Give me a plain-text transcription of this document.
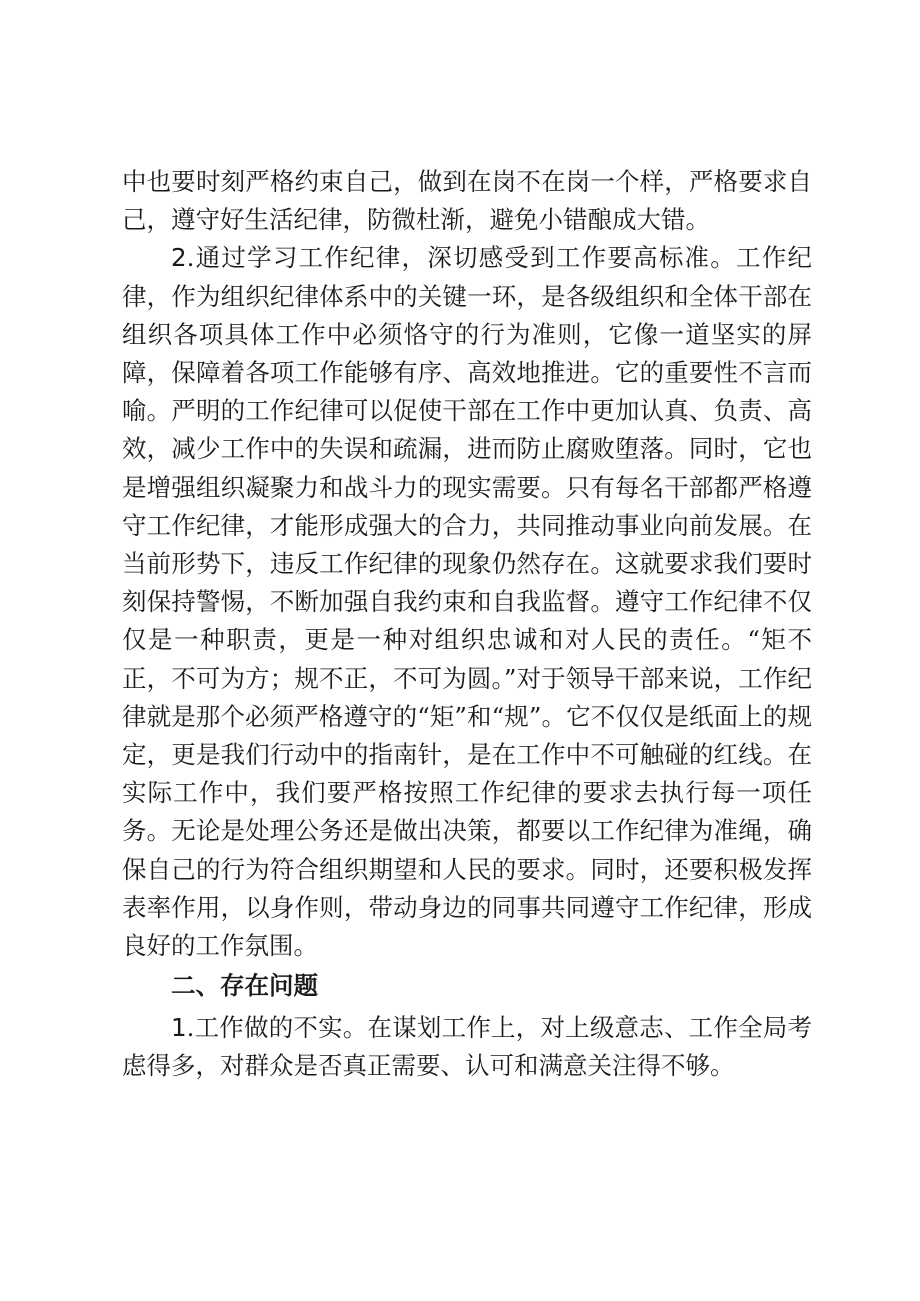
中也要时刻严格约束自己，做到在岗不在岗一个样，严格要求自己，遵守好生活纪律，防微杜渐，避免小错酿成大错。

2.通过学习工作纪律，深切感受到工作要高标准。工作纪律，作为组织纪律体系中的关键一环，是各级组织和全体干部在组织各项具体工作中必须恪守的行为准则，它像一道坚实的屏障，保障着各项工作能够有序、高效地推进。它的重要性不言而喻。严明的工作纪律可以促使干部在工作中更加认真、负责、高效，减少工作中的失误和疏漏，进而防止腐败堕落。同时，它也是增强组织凝聚力和战斗力的现实需要。只有每名干部都严格遵守工作纪律，才能形成强大的合力，共同推动事业向前发展。在当前形势下，违反工作纪律的现象仍然存在。这就要求我们要时刻保持警惕，不断加强自我约束和自我监督。遵守工作纪律不仅仅是一种职责，更是一种对组织忠诚和对人民的责任。“矩不正，不可为方；规不正，不可为圆。”对于领导干部来说，工作纪律就是那个必须严格遵守的“矩”和“规”。它不仅仅是纸面上的规定，更是我们行动中的指南针，是在工作中不可触碰的红线。在实际工作中，我们要严格按照工作纪律的要求去执行每一项任务。无论是处理公务还是做出决策，都要以工作纪律为准绳，确保自己的行为符合组织期望和人民的要求。同时，还要积极发挥表率作用，以身作则，带动身边的同事共同遵守工作纪律，形成良好的工作氛围。

二、存在问题

1.工作做的不实。在谋划工作上，对上级意志、工作全局考虑得多，对群众是否真正需要、认可和满意关注得不够。
